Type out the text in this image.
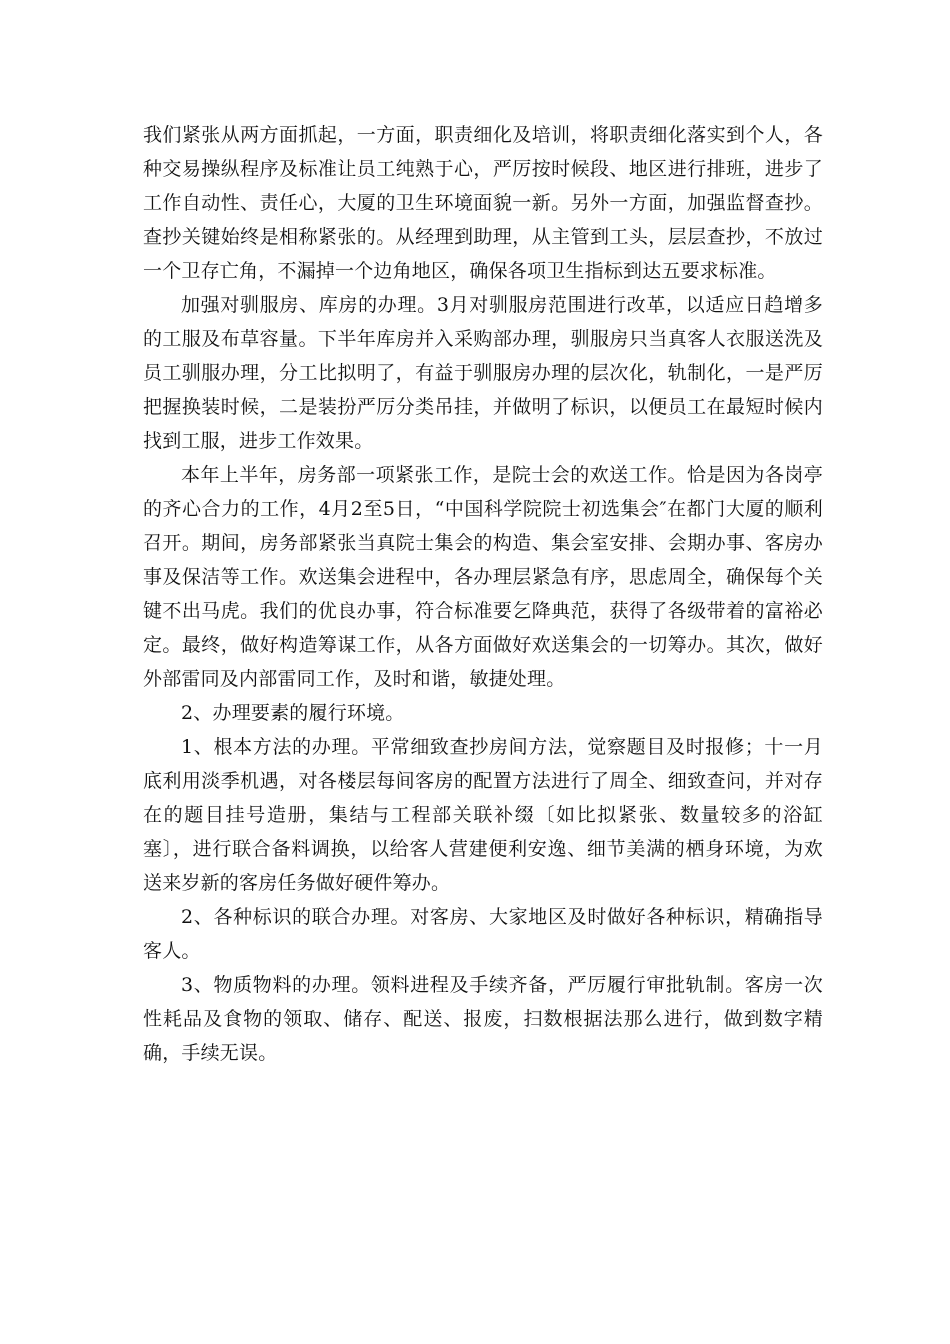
我们紧张从两方面抓起，一方面，职责细化及培训，将职责细化落实到个人，各种交易操纵程序及标准让员工纯熟于心，严厉按时候段、地区进行排班，进步了工作自动性、责任心，大厦的卫生环境面貌一新。另外一方面，加强监督查抄。查抄关键始终是相称紧张的。从经理到助理，从主管到工头，层层查抄，不放过一个卫存亡角，不漏掉一个边角地区，确保各项卫生指标到达五要求标准。

加强对驯服房、库房的办理。3月对驯服房范围进行改革，以适应日趋增多的工服及布草容量。下半年库房并入采购部办理，驯服房只当真客人衣服送洗及员工驯服办理，分工比拟明了，有益于驯服房办理的层次化，轨制化，一是严厉把握换装时候，二是装扮严厉分类吊挂，并做明了标识，以便员工在最短时候内找到工服，进步工作效果。

本年上半年，房务部一项紧张工作，是院士会的欢送工作。恰是因为各岗亭的齐心合力的工作，4月2至5日，“中国科学院院士初选集会″在都门大厦的顺利召开。期间，房务部紧张当真院士集会的构造、集会室安排、会期办事、客房办事及保洁等工作。欢送集会进程中，各办理层紧急有序，思虑周全，确保每个关键不出马虎。我们的优良办事，符合标准要乞降典范，获得了各级带着的富裕必定。最终，做好构造筹谋工作，从各方面做好欢送集会的一切筹办。其次，做好外部雷同及内部雷同工作，及时和谐，敏捷处理。

2、办理要素的履行环境。

1、根本方法的办理。平常细致查抄房间方法，觉察题目及时报修；十一月底利用淡季机遇，对各楼层每间客房的配置方法进行了周全、细致查问，并对存在的题目挂号造册，集结与工程部关联补缀〔如比拟紧张、数量较多的浴缸塞〕，进行联合备料调换，以给客人营建便利安逸、细节美满的栖身环境，为欢送来岁新的客房任务做好硬件筹办。

2、各种标识的联合办理。对客房、大家地区及时做好各种标识，精确指导客人。

3、物质物料的办理。领料进程及手续齐备，严厉履行审批轨制。客房一次性耗品及食物的领取、储存、配送、报废，扫数根据法那么进行，做到数字精确，手续无误。
